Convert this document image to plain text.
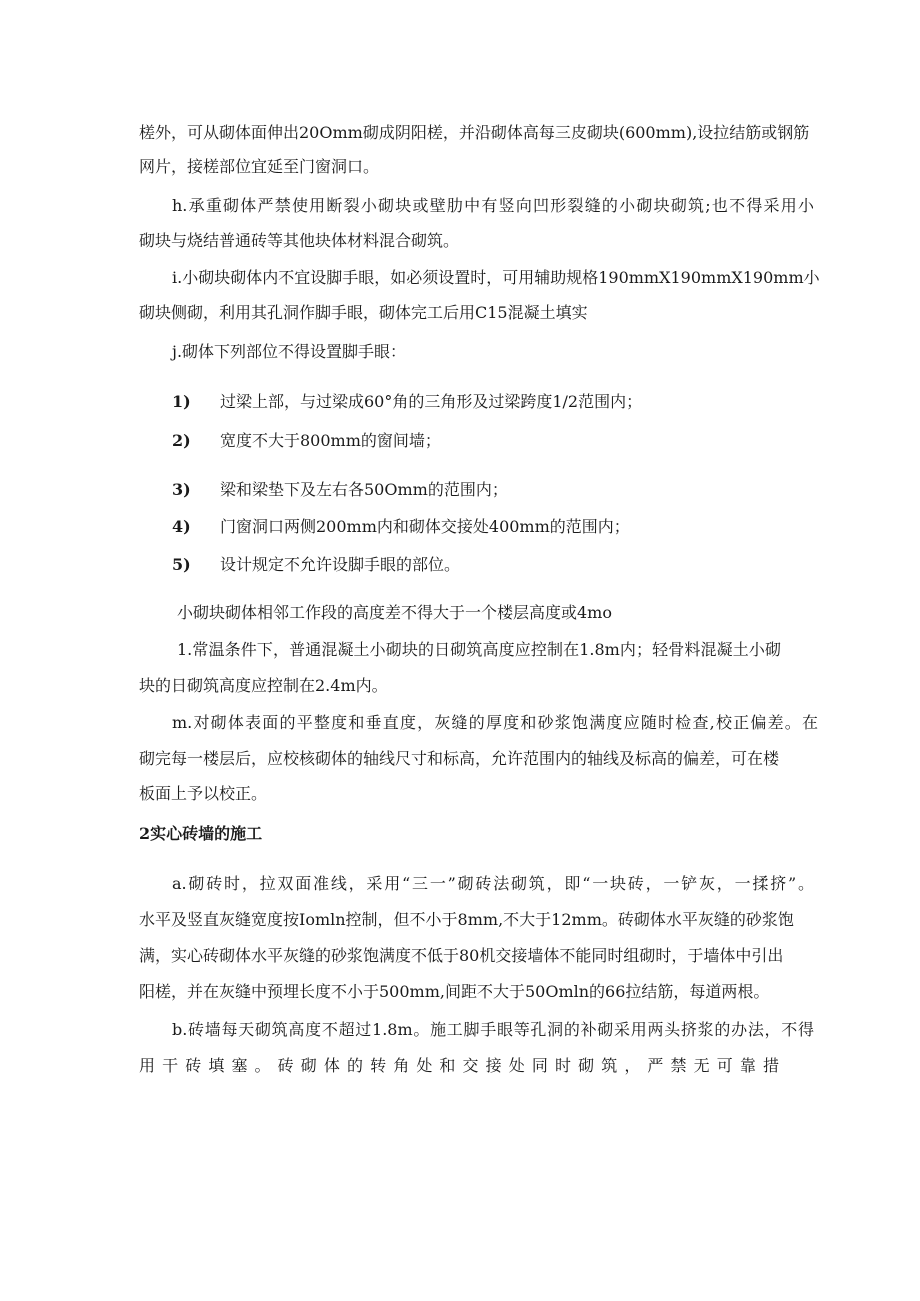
槎外，可从砌体面伸出20Omm砌成阴阳槎，并沿砌体高每三皮砌块(600mm),设拉结筋或钢筋
网片，接槎部位宜延至门窗洞口。
h.承重砌体严禁使用断裂小砌块或壁肋中有竖向凹形裂缝的小砌块砌筑;也不得采用小
砌块与烧结普通砖等其他块体材料混合砌筑。
i.小砌块砌体内不宜设脚手眼，如必须设置时，可用辅助规格190mmX190mmX190mm小
砌块侧砌，利用其孔洞作脚手眼，砌体完工后用C15混凝土填实
j.砌体下列部位不得设置脚手眼：
1) 过梁上部，与过梁成60°角的三角形及过梁跨度1/2范围内；
2) 宽度不大于800mm的窗间墙；
3) 梁和梁垫下及左右各50Omm的范围内；
4) 门窗洞口两侧200mm内和砌体交接处400mm的范围内；
5) 设计规定不允许设脚手眼的部位。
小砌块砌体相邻工作段的高度差不得大于一个楼层高度或4mo
1.常温条件下，普通混凝土小砌块的日砌筑高度应控制在1.8m内；轻骨料混凝土小砌
块的日砌筑高度应控制在2.4m内。
m.对砌体表面的平整度和垂直度，灰缝的厚度和砂浆饱满度应随时检查,校正偏差。在
砌完每一楼层后，应校核砌体的轴线尺寸和标高，允许范围内的轴线及标高的偏差，可在楼
板面上予以校正。
2实心砖墙的施工
a.砌砖时，拉双面准线，采用“三一”砌砖法砌筑，即“一块砖，一铲灰，一揉挤”。
水平及竖直灰缝宽度按Iomln控制，但不小于8mm,不大于12mm。砖砌体水平灰缝的砂浆饱
满，实心砖砌体水平灰缝的砂浆饱满度不低于80机交接墙体不能同时组砌时，于墙体中引出
阳槎，并在灰缝中预埋长度不小于500mm,间距不大于50Omln的66拉结筋，每道两根。
b.砖墙每天砌筑高度不超过1.8m。施工脚手眼等孔洞的补砌采用两头挤浆的办法，不得
用干砖填塞。砖砌体的转角处和交接处同时砌筑，严禁无可靠措
